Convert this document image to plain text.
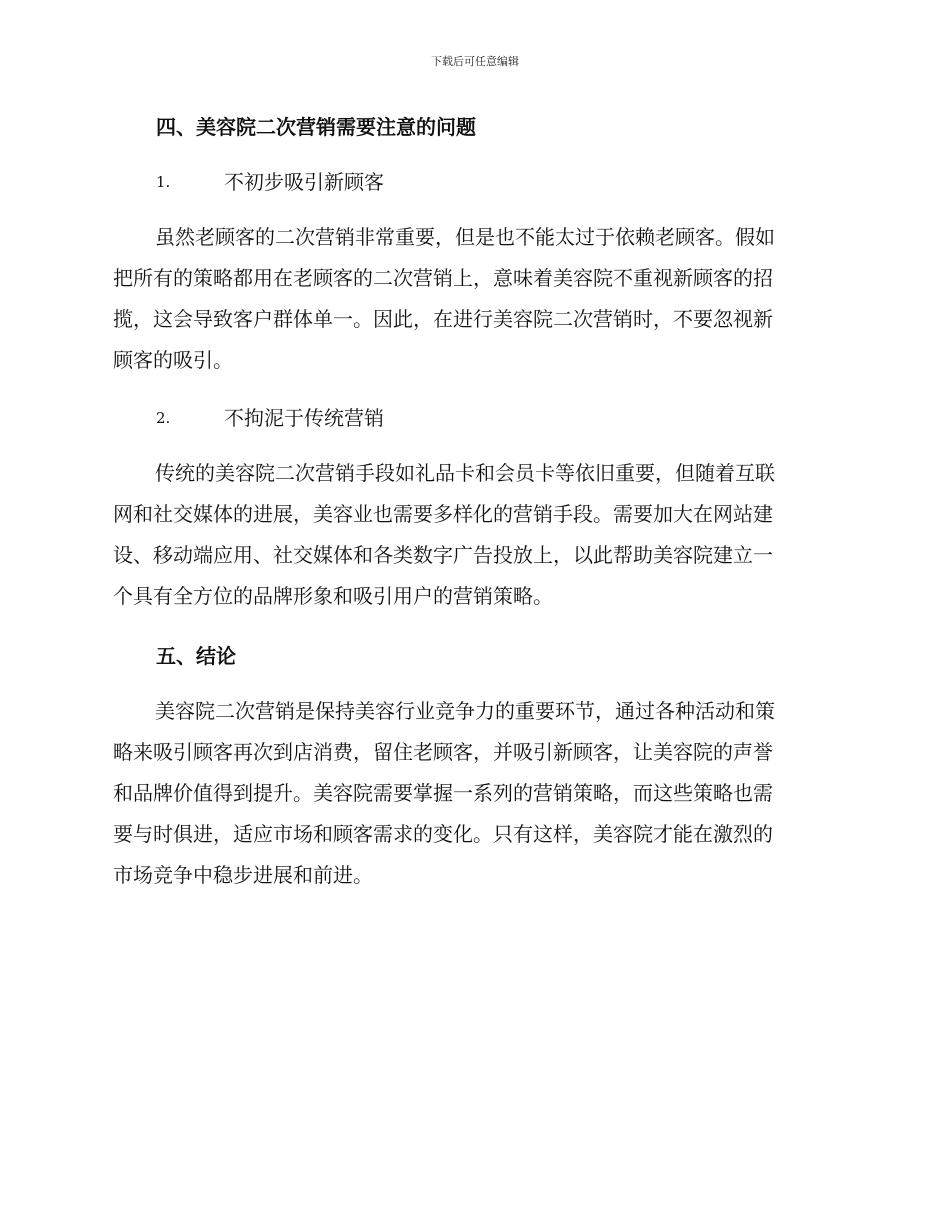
下载后可任意编辑
四、美容院二次营销需要注意的问题
1.	不初步吸引新顾客
虽然老顾客的二次营销非常重要，但是也不能太过于依赖老顾客。假如
把所有的策略都用在老顾客的二次营销上，意味着美容院不重视新顾客的招
揽，这会导致客户群体单一。因此，在进行美容院二次营销时，不要忽视新
顾客的吸引。
2.	不拘泥于传统营销
传统的美容院二次营销手段如礼品卡和会员卡等依旧重要，但随着互联
网和社交媒体的进展，美容业也需要多样化的营销手段。需要加大在网站建
设、移动端应用、社交媒体和各类数字广告投放上，以此帮助美容院建立一
个具有全方位的品牌形象和吸引用户的营销策略。
五、结论
美容院二次营销是保持美容行业竞争力的重要环节，通过各种活动和策
略来吸引顾客再次到店消费，留住老顾客，并吸引新顾客，让美容院的声誉
和品牌价值得到提升。美容院需要掌握一系列的营销策略，而这些策略也需
要与时俱进，适应市场和顾客需求的变化。只有这样，美容院才能在激烈的
市场竞争中稳步进展和前进。
